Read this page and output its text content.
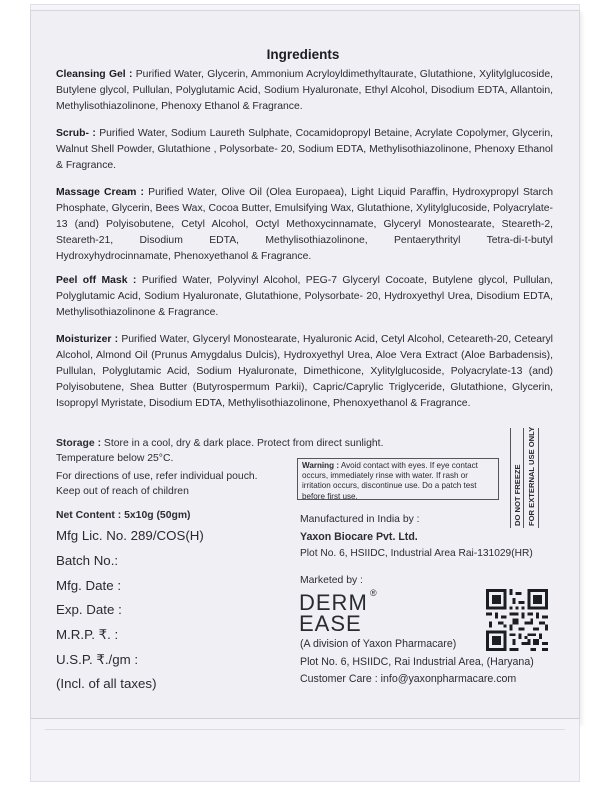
Ingredients
Cleansing Gel : Purified Water, Glycerin, Ammonium Acryloyldimethyltaurate, Glutathione, Xylitylglucoside, Butylene glycol, Pullulan, Polyglutamic Acid, Sodium Hyaluronate, Ethyl Alcohol, Disodium EDTA, Allantoin, Methylisothiazolinone, Phenoxy Ethanol & Fragrance.
Scrub- : Purified Water, Sodium Laureth Sulphate, Cocamidopropyl Betaine, Acrylate Copolymer, Glycerin, Walnut Shell Powder, Glutathione , Polysorbate- 20, Sodium EDTA, Methylisothiazolinone, Phenoxy Ethanol & Fragrance.
Massage Cream : Purified Water, Olive Oil (Olea Europaea), Light Liquid Paraffin, Hydroxypropyl Starch Phosphate, Glycerin, Bees Wax, Cocoa Butter, Emulsifying Wax, Glutathione, Xylitylglucoside, Polyacrylate-13 (and) Polyisobutene, Cetyl Alcohol, Octyl Methoxycinnamate, Glyceryl Monostearate, Steareth-2, Steareth-21, Disodium EDTA, Methylisothiazolinone, Pentaerythrityl Tetra-di-t-butyl Hydroxyhydrocinnamate, Phenoxyethanol & Fragrance.
Peel off Mask : Purified Water, Polyvinyl Alcohol, PEG-7 Glyceryl Cocoate, Butylene glycol, Pullulan, Polyglutamic Acid, Sodium Hyaluronate, Glutathione, Polysorbate- 20, Hydroxyethyl Urea, Disodium EDTA, Methylisothiazolinone & Fragrance.
Moisturizer : Purified Water, Glyceryl Monostearate, Hyaluronic Acid, Cetyl Alcohol, Ceteareth-20, Cetearyl Alcohol, Almond Oil (Prunus Amygdalus Dulcis), Hydroxyethyl Urea, Aloe Vera Extract (Aloe Barbadensis), Pullulan, Polyglutamic Acid, Sodium Hyaluronate, Dimethicone, Xylitylglucoside, Polyacrylate-13 (and) Polyisobutene, Shea Butter (Butyrospermum Parkii), Capric/Caprylic Triglyceride, Glutathione, Glycerin, Isopropyl Myristate, Disodium EDTA, Methylisothiazolinone, Phenoxyethanol & Fragrance.
Storage : Store in a cool, dry & dark place. Protect from direct sunlight.
Temperature below 25°C.
For directions of use, refer individual pouch.
Keep out of reach of children
Net Content : 5x10g (50gm)
Mfg Lic. No. 289/COS(H)
Batch No.:
Mfg. Date :
Exp. Date :
M.R.P. ₹. :
U.S.P. ₹./gm :
(Incl. of all taxes)
Warning : Avoid contact with eyes. If eye contact occurs, immediately rinse with water. If rash or irritation occurs, discontinue use. Do a patch test before first use.	DO NOT FREEZE FOR EXTERNAL USE ONLY
Manufactured in India by :
Yaxon Biocare Pvt. Ltd.
Plot No. 6, HSIIDC, Industrial Area Rai-131029(HR)
Marketed by :
DERM
EASE
®
(A division of Yaxon Pharmacare)
Plot No. 6, HSIIDC, Rai Industrial Area, (Haryana)
Customer Care : info@yaxonpharmacare.com
